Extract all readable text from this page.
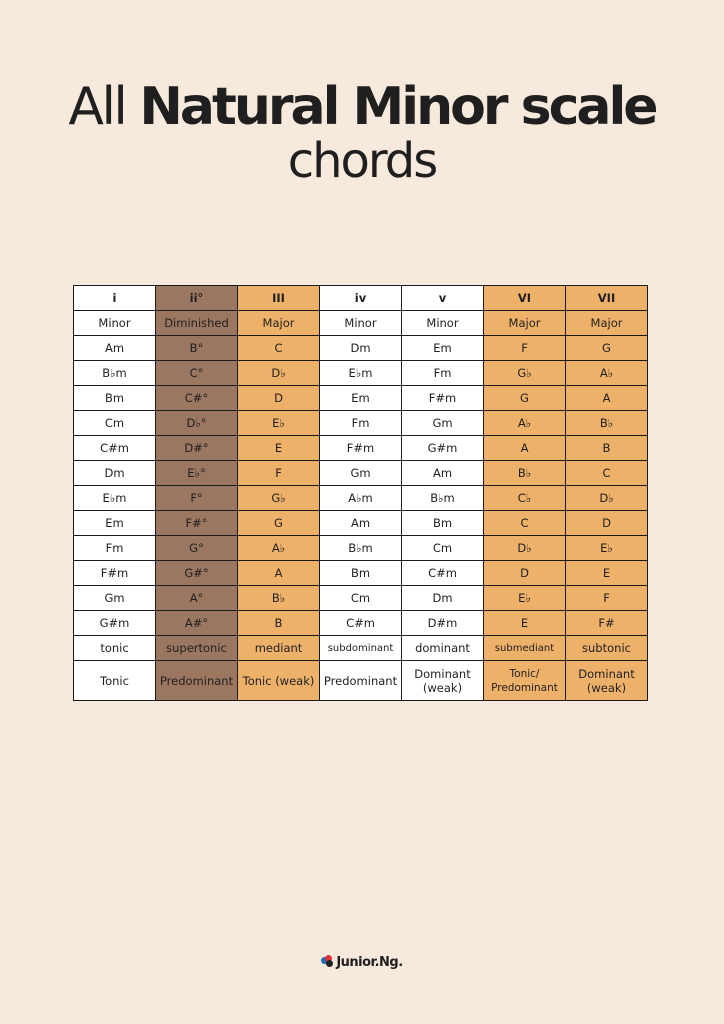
All Natural Minor scale
chords
i	ii°	III	iv	v	VI	VII
Minor	Diminished	Major	Minor	Minor	Major	Major
Am	B°	C	Dm	Em	F	G
B♭m	C°	D♭	E♭m	Fm	G♭	A♭
Bm	C#°	D	Em	F#m	G	A
Cm	D♭°	E♭	Fm	Gm	A♭	B♭
C#m	D#°	E	F#m	G#m	A	B
Dm	E♭°	F	Gm	Am	B♭	C
E♭m	F°	G♭	A♭m	B♭m	C♭	D♭
Em	F#°	G	Am	Bm	C	D
Fm	G°	A♭	B♭m	Cm	D♭	E♭
F#m	G#°	A	Bm	C#m	D	E
Gm	A°	B♭	Cm	Dm	E♭	F
G#m	A#°	B	C#m	D#m	E	F#
tonic	supertonic	mediant	subdominant	dominant	submediant	subtonic
Tonic	Predominant	Tonic (weak)	Predominant	Dominant (weak)	Tonic/ Predominant	Dominant (weak)
Junior.Ng.
